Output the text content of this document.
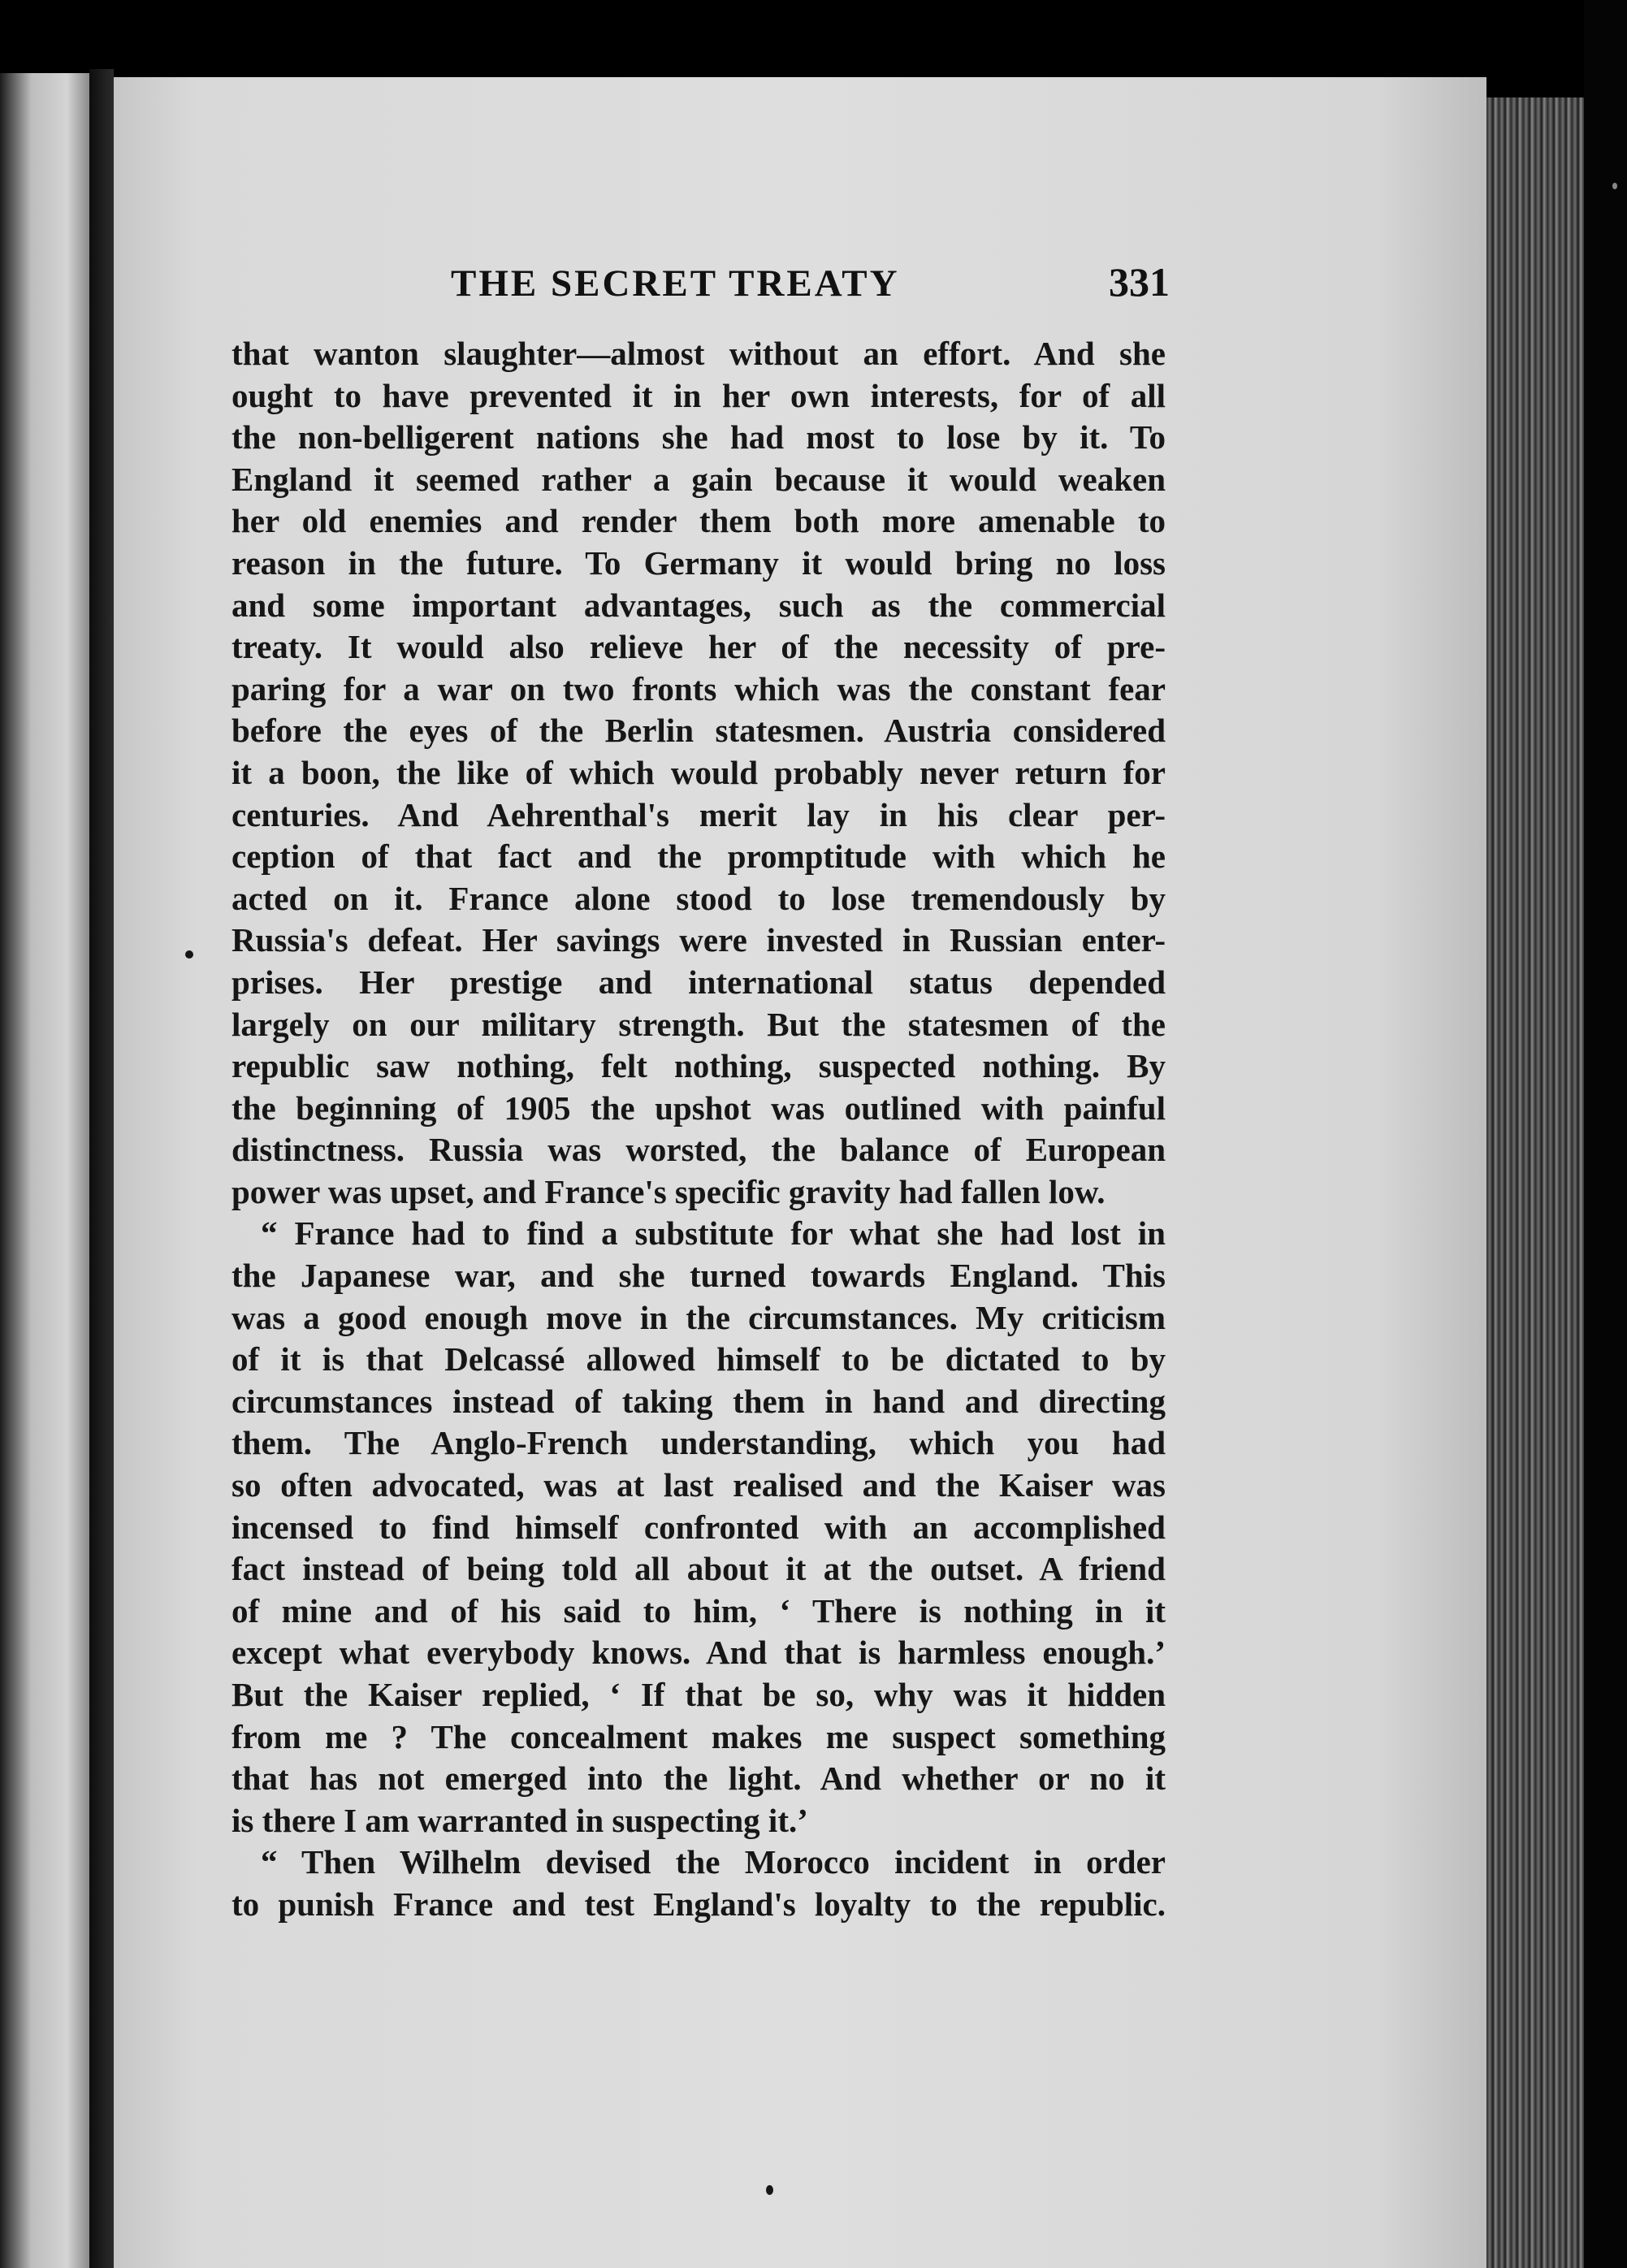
THE SECRET TREATY	331
that wanton slaughter—almost without an effort. And she
ought to have prevented it in her own interests, for of all
the non-belligerent nations she had most to lose by it. To
England it seemed rather a gain because it would weaken
her old enemies and render them both more amenable to
reason in the future. To Germany it would bring no loss
and some important advantages, such as the commercial
treaty. It would also relieve her of the necessity of pre-
paring for a war on two fronts which was the constant fear
before the eyes of the Berlin statesmen. Austria considered
it a boon, the like of which would probably never return for
centuries. And Aehrenthal's merit lay in his clear per-
ception of that fact and the promptitude with which he
acted on it. France alone stood to lose tremendously by
Russia's defeat. Her savings were invested in Russian enter-
prises. Her prestige and international status depended
largely on our military strength. But the statesmen of the
republic saw nothing, felt nothing, suspected nothing. By
the beginning of 1905 the upshot was outlined with painful
distinctness. Russia was worsted, the balance of European
power was upset, and France's specific gravity had fallen low.
“ France had to find a substitute for what she had lost in
the Japanese war, and she turned towards England. This
was a good enough move in the circumstances. My criticism
of it is that Delcassé allowed himself to be dictated to by
circumstances instead of taking them in hand and directing
them. The Anglo-French understanding, which you had
so often advocated, was at last realised and the Kaiser was
incensed to find himself confronted with an accomplished
fact instead of being told all about it at the outset. A friend
of mine and of his said to him, ‘ There is nothing in it
except what everybody knows. And that is harmless enough.’
But the Kaiser replied, ‘ If that be so, why was it hidden
from me ? The concealment makes me suspect something
that has not emerged into the light. And whether or no it
is there I am warranted in suspecting it.’
“ Then Wilhelm devised the Morocco incident in order
to punish France and test England's loyalty to the republic.
